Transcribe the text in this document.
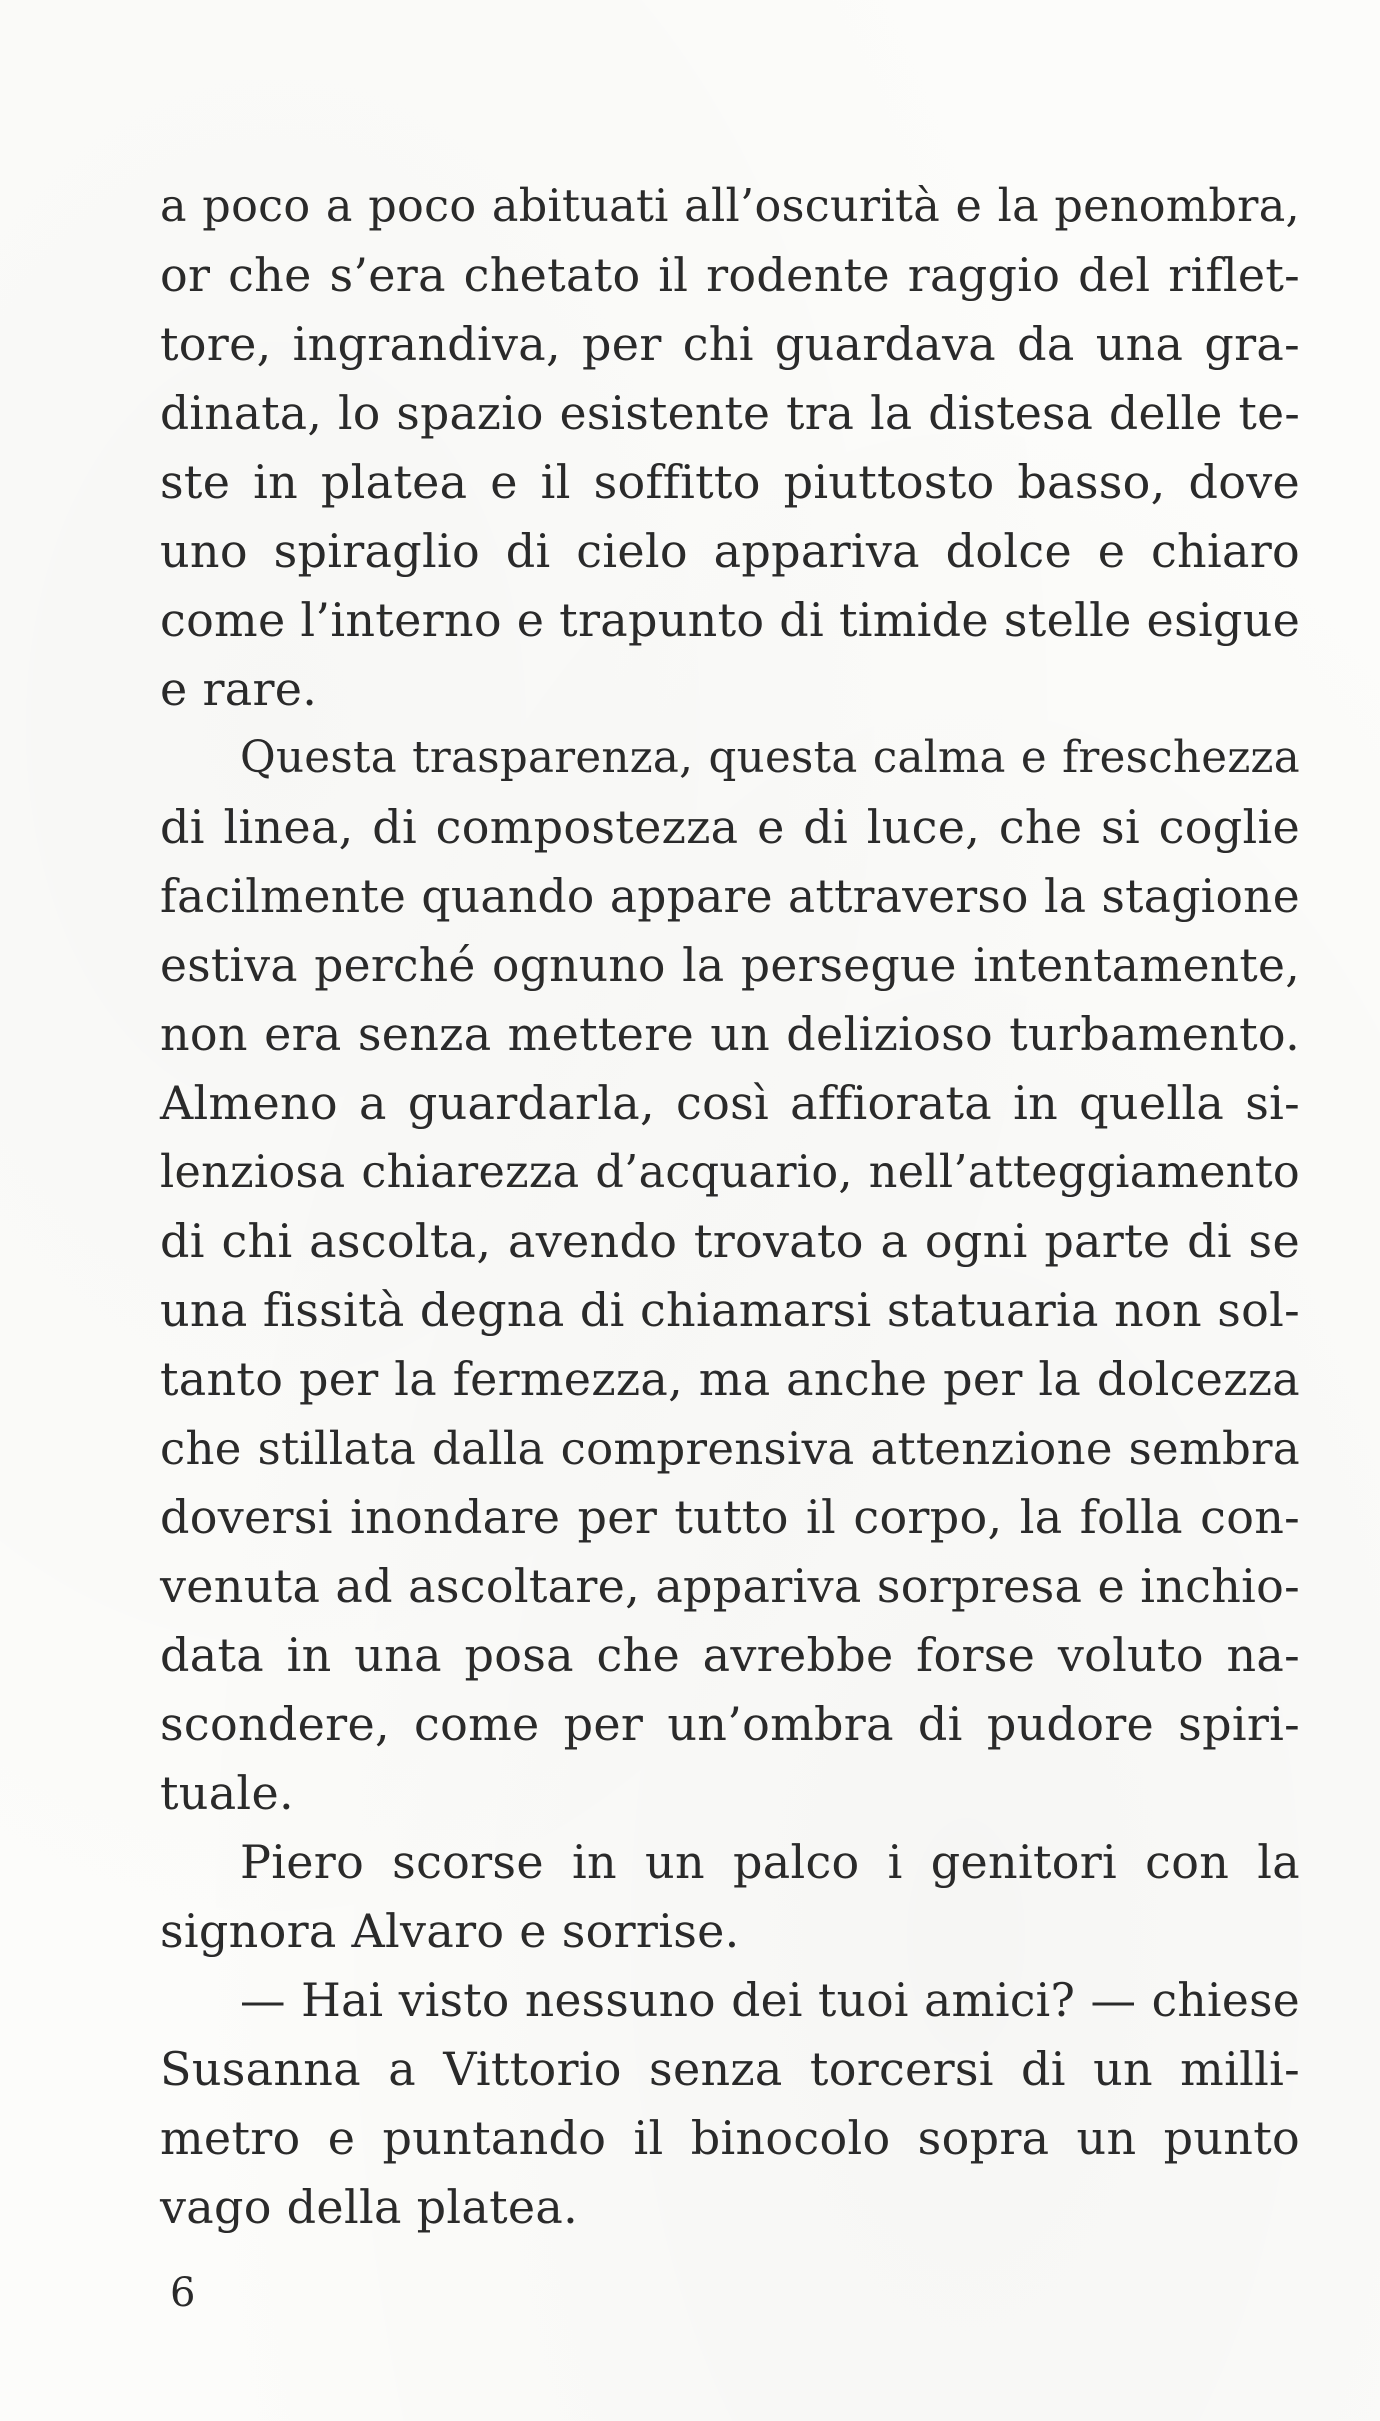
a poco a poco abituati all’oscurità e la penombra,
or che s’era chetato il rodente raggio del riflet-
tore, ingrandiva, per chi guardava da una gra-
dinata, lo spazio esistente tra la distesa delle te-
ste in platea e il soffitto piuttosto basso, dove
uno spiraglio di cielo appariva dolce e chiaro
come l’interno e trapunto di timide stelle esigue
e rare.
Questa trasparenza, questa calma e freschezza
di linea, di compostezza e di luce, che si coglie
facilmente quando appare attraverso la stagione
estiva perché ognuno la persegue intentamente,
non era senza mettere un delizioso turbamento.
Almeno a guardarla, così affiorata in quella si-
lenziosa chiarezza d’acquario, nell’atteggiamento
di chi ascolta, avendo trovato a ogni parte di se
una fissità degna di chiamarsi statuaria non sol-
tanto per la fermezza, ma anche per la dolcezza
che stillata dalla comprensiva attenzione sembra
doversi inondare per tutto il corpo, la folla con-
venuta ad ascoltare, appariva sorpresa e inchio-
data in una posa che avrebbe forse voluto na-
scondere, come per un’ombra di pudore spiri-
tuale.
Piero scorse in un palco i genitori con la
signora Alvaro e sorrise.
— Hai visto nessuno dei tuoi amici? — chiese
Susanna a Vittorio senza torcersi di un milli-
metro e puntando il binocolo sopra un punto
vago della platea.
6
